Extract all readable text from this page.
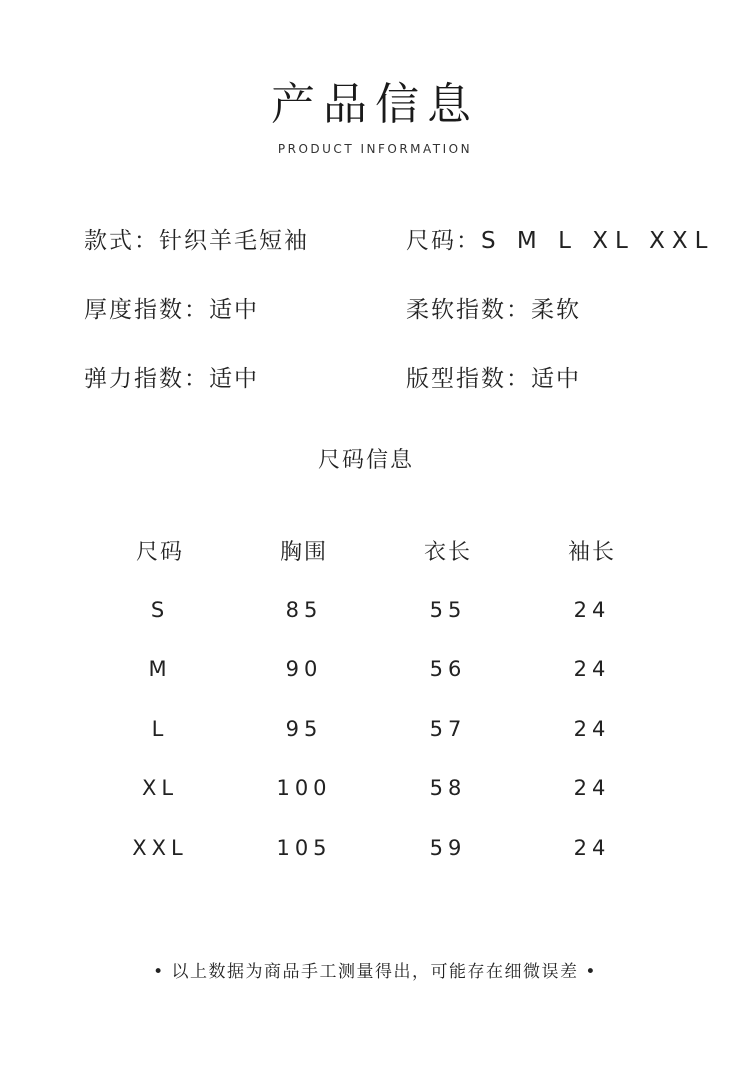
产品信息
PRODUCT INFORMATION
款式：针织羊毛短袖	尺码：S M L XL XXL
厚度指数：适中	柔软指数：柔软
弹力指数：适中	版型指数：适中
尺码信息
尺码	胸围	衣长	袖长
S	85	55	24
M	90	56	24
L	95	57	24
XL	100	58	24
XXL	105	59	24
• 以上数据为商品手工测量得出，可能存在细微误差 •
